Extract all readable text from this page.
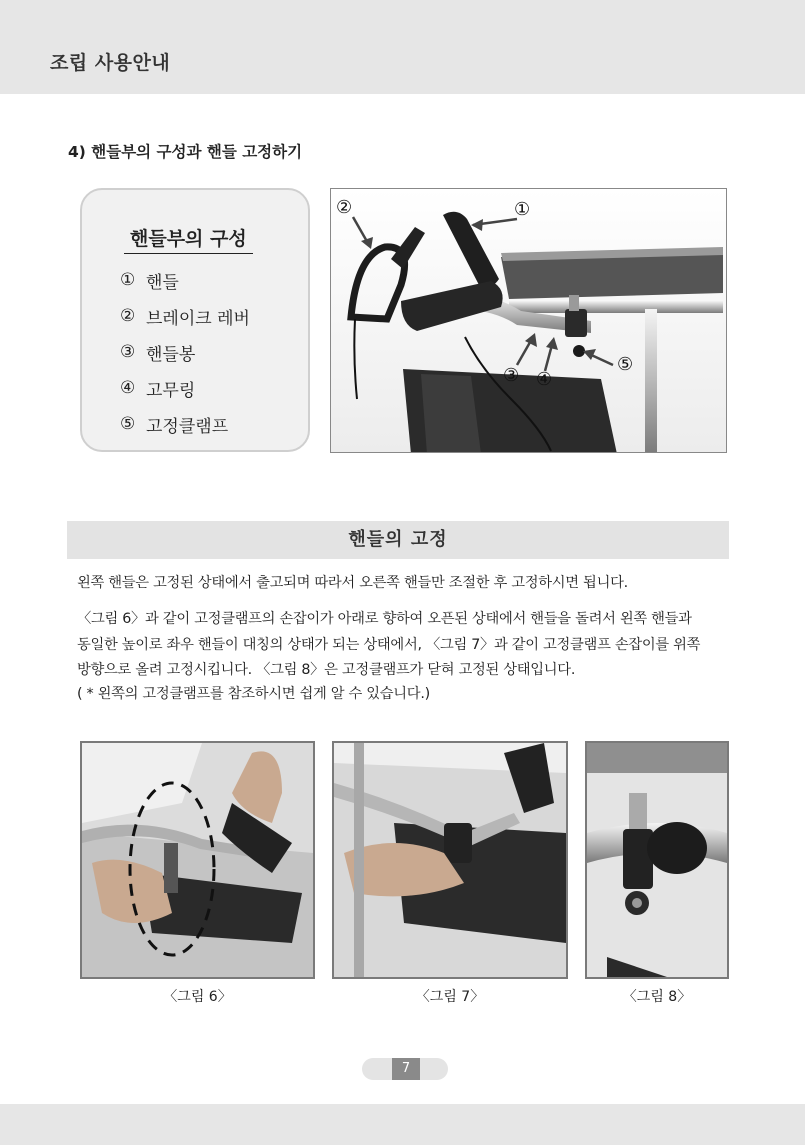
조립 사용안내
4) 핸들부의 구성과 핸들 고정하기
핸들부의 구성
① 핸들
② 브레이크 레버
③ 핸들봉
④ 고무링
⑤ 고정클램프
②	①
③ ④
⑤
핸들의 고정
왼쪽 핸들은 고정된 상태에서 출고되며 따라서 오른쪽 핸들만 조절한 후 고정하시면 됩니다.
〈그림 6〉과 같이 고정클램프의 손잡이가 아래로 향하여 오픈된 상태에서 핸들을 돌려서 왼쪽 핸들과
동일한 높이로 좌우 핸들이 대칭의 상태가 되는 상태에서, 〈그림 7〉과 같이 고정클램프 손잡이를 위쪽
방향으로 올려 고정시킵니다. 〈그림 8〉은 고정클램프가 닫혀 고정된 상태입니다.
( * 왼쪽의 고정클램프를 참조하시면 쉽게 알 수 있습니다.)
〈그림 6〉	〈그림 7〉	〈그림 8〉
7
